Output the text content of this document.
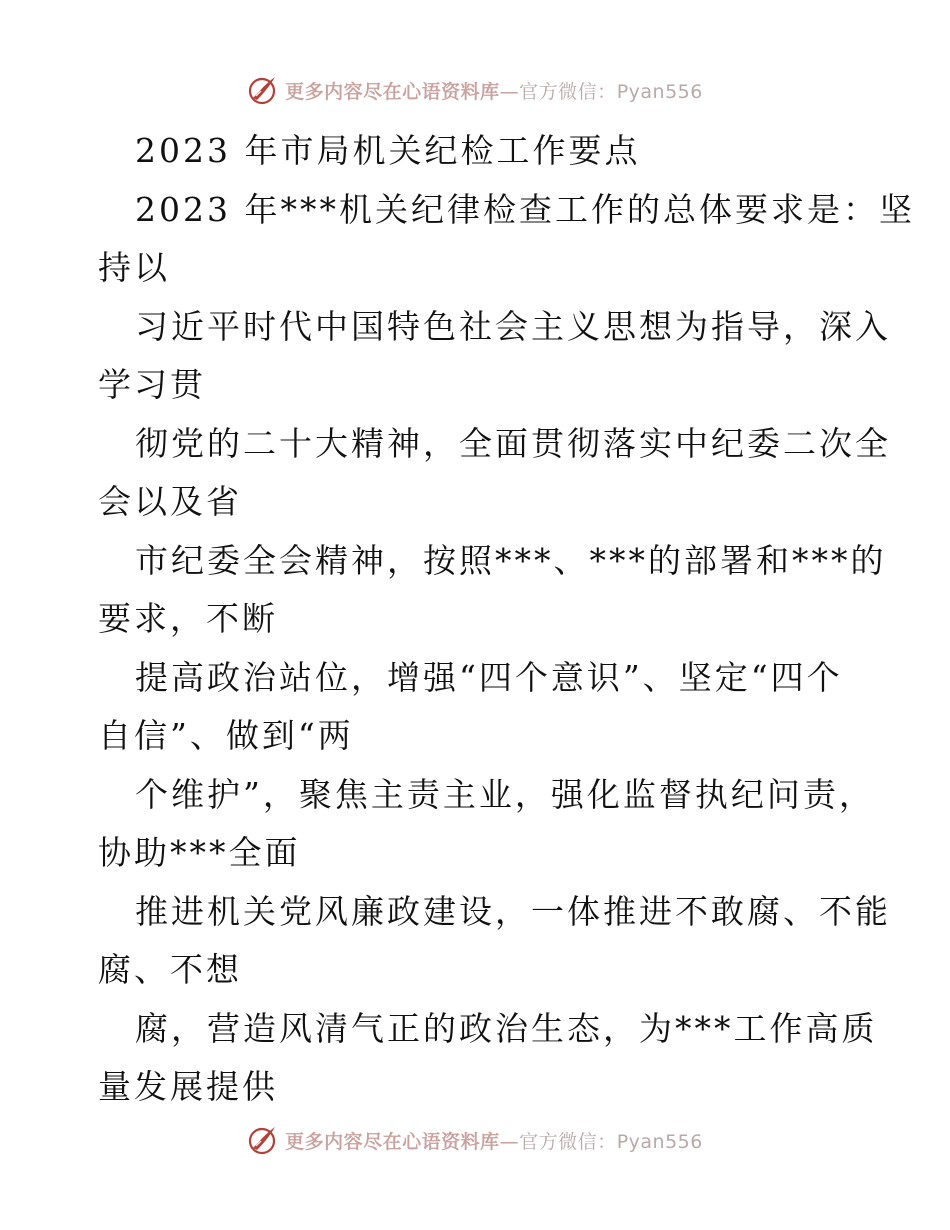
更多内容尽在心语资料库—官方微信：Pyan556
2023 年市局机关纪检工作要点
2023 年***机关纪律检查工作的总体要求是：坚
持以
习近平时代中国特色社会主义思想为指导，深入
学习贯
彻党的二十大精神，全面贯彻落实中纪委二次全
会以及省
市纪委全会精神，按照***、***的部署和***的
要求，不断
提高政治站位，增强“四个意识”、坚定“四个
自信”、做到“两
个维护”，聚焦主责主业，强化监督执纪问责，
协助***全面
推进机关党风廉政建设，一体推进不敢腐、不能
腐、不想
腐，营造风清气正的政治生态，为***工作高质
量发展提供
更多内容尽在心语资料库—官方微信：Pyan556
